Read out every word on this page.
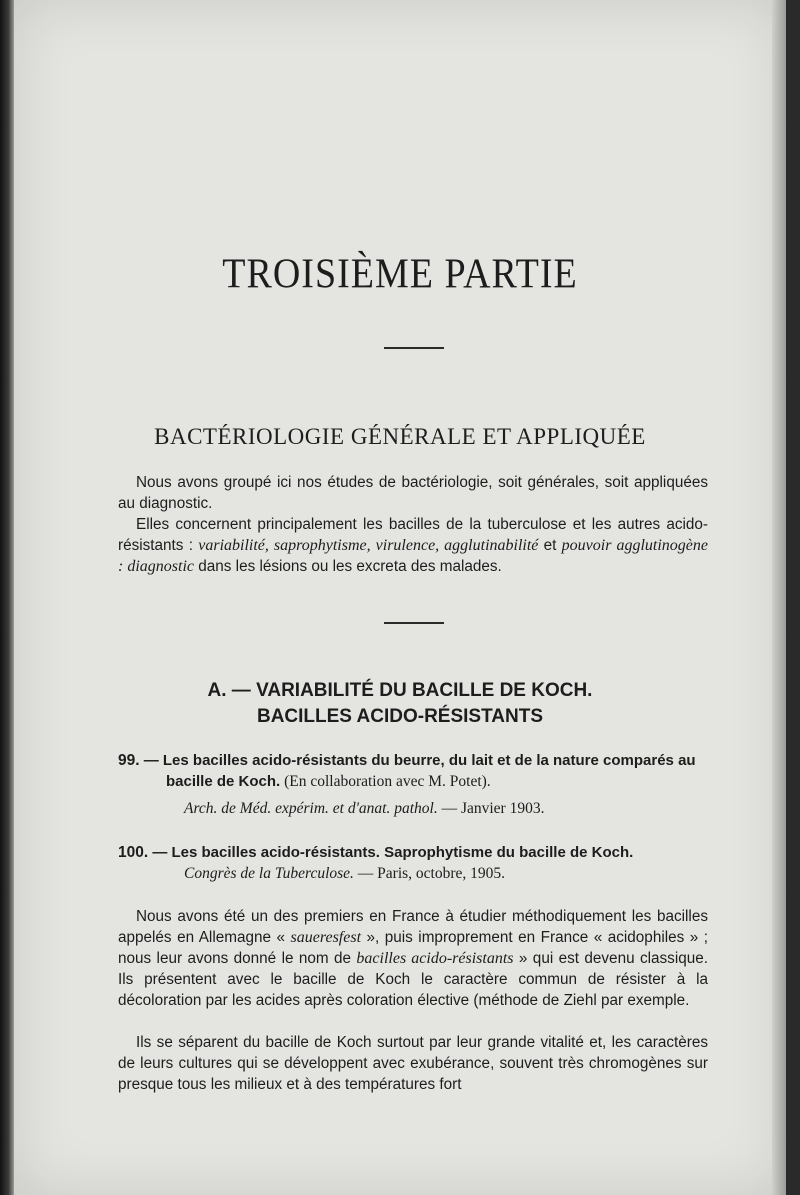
TROISIÈME PARTIE
BACTÉRIOLOGIE GÉNÉRALE ET APPLIQUÉE
Nous avons groupé ici nos études de bactériologie, soit générales, soit appliquées au diagnostic.
Elles concernent principalement les bacilles de la tuberculose et les autres acido-résistants : variabilité, saprophytisme, virulence, agglutinabilité et pouvoir agglutinogène : diagnostic dans les lésions ou les excreta des malades.
A. — VARIABILITÉ DU BACILLE DE KOCH.
BACILLES ACIDO-RÉSISTANTS
99. — Les bacilles acido-résistants du beurre, du lait et de la nature comparés au bacille de Koch. (En collaboration avec M. Potet).
Arch. de Méd. expérim. et d'anat. pathol. — Janvier 1903.
100. — Les bacilles acido-résistants. Saprophytisme du bacille de Koch.
Congrès de la Tuberculose. — Paris, octobre, 1905.
Nous avons été un des premiers en France à étudier méthodiquement les bacilles appelés en Allemagne « saueresfest », puis improprement en France « acidophiles » ; nous leur avons donné le nom de bacilles acido-résistants » qui est devenu classique. Ils présentent avec le bacille de Koch le caractère commun de résister à la décoloration par les acides après coloration élective (méthode de Ziehl par exemple.
Ils se séparent du bacille de Koch surtout par leur grande vitalité et, les caractères de leurs cultures qui se développent avec exubérance, souvent très chromogènes sur presque tous les milieux et à des températures fort
